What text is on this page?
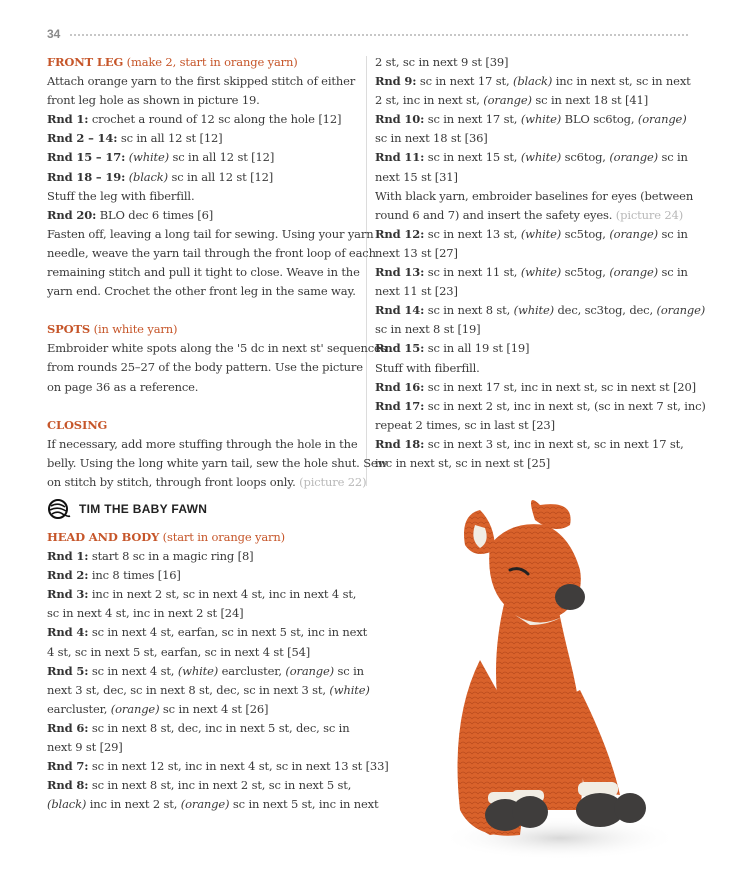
34
FRONT LEG (make 2, start in orange yarn)
Attach orange yarn to the first skipped stitch of either
front leg hole as shown in picture 19.
Rnd 1: crochet a round of 12 sc along the hole [12]
Rnd 2 – 14: sc in all 12 st [12]
Rnd 15 – 17: (white) sc in all 12 st [12]
Rnd 18 – 19: (black) sc in all 12 st [12]
Stuff the leg with fiberfill.
Rnd 20: BLO dec 6 times [6]
Fasten off, leaving a long tail for sewing. Using your yarn
needle, weave the yarn tail through the front loop of each
remaining stitch and pull it tight to close. Weave in the
yarn end. Crochet the other front leg in the same way.
SPOTS (in white yarn)
Embroider white spots along the '5 dc in next st' sequences
from rounds 25–27 of the body pattern. Use the picture
on page 36 as a reference.
CLOSING
If necessary, add more stuffing through the hole in the
belly. Using the long white yarn tail, sew the hole shut. Sew
on stitch by stitch, through front loops only. (picture 22)
TIM THE BABY FAWN
HEAD AND BODY (start in orange yarn)
Rnd 1: start 8 sc in a magic ring [8]
Rnd 2: inc 8 times [16]
Rnd 3: inc in next 2 st, sc in next 4 st, inc in next 4 st,
sc in next 4 st, inc in next 2 st [24]
Rnd 4: sc in next 4 st, earfan, sc in next 5 st, inc in next
4 st, sc in next 5 st, earfan, sc in next 4 st [54]
Rnd 5: sc in next 4 st, (white) earcluster, (orange) sc in
next 3 st, dec, sc in next 8 st, dec, sc in next 3 st, (white)
earcluster, (orange) sc in next 4 st [26]
Rnd 6: sc in next 8 st, dec, inc in next 5 st, dec, sc in
next 9 st [29]
Rnd 7: sc in next 12 st, inc in next 4 st, sc in next 13 st [33]
Rnd 8: sc in next 8 st, inc in next 2 st, sc in next 5 st,
(black) inc in next 2 st, (orange) sc in next 5 st, inc in next
2 st, sc in next 9 st [39]
Rnd 9: sc in next 17 st, (black) inc in next st, sc in next
2 st, inc in next st, (orange) sc in next 18 st [41]
Rnd 10: sc in next 17 st, (white) BLO sc6tog, (orange)
sc in next 18 st [36]
Rnd 11: sc in next 15 st, (white) sc6tog, (orange) sc in
next 15 st [31]
With black yarn, embroider baselines for eyes (between
round 6 and 7) and insert the safety eyes. (picture 24)
Rnd 12: sc in next 13 st, (white) sc5tog, (orange) sc in
next 13 st [27]
Rnd 13: sc in next 11 st, (white) sc5tog, (orange) sc in
next 11 st [23]
Rnd 14: sc in next 8 st, (white) dec, sc3tog, dec, (orange)
sc in next 8 st [19]
Rnd 15: sc in all 19 st [19]
Stuff with fiberfill.
Rnd 16: sc in next 17 st, inc in next st, sc in next st [20]
Rnd 17: sc in next 2 st, inc in next st, (sc in next 7 st, inc)
repeat 2 times, sc in last st [23]
Rnd 18: sc in next 3 st, inc in next st, sc in next 17 st,
inc in next st, sc in next st [25]
